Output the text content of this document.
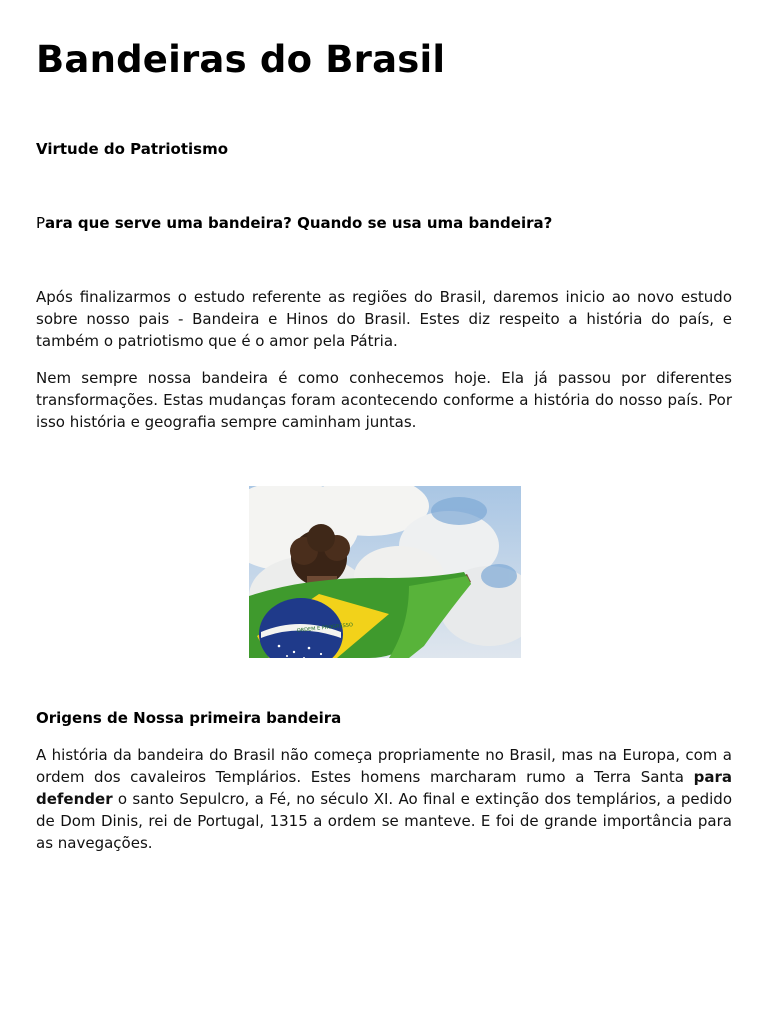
Bandeiras do Brasil

Virtude do Patriotismo

Para que serve uma bandeira? Quando se usa uma bandeira?

Após finalizarmos o estudo referente as regiões do Brasil, daremos inicio ao novo estudo sobre nosso pais - Bandeira e Hinos do Brasil. Estes diz respeito a história do país, e também o patriotismo que é o amor pela Pátria.

Nem sempre nossa bandeira é como conhecemos hoje. Ela já passou por diferentes transformações. Estas mudanças foram acontecendo conforme a história do nosso país. Por isso história e geografia sempre caminham juntas.

ORDEM E PROGRESSO

Origens de Nossa primeira bandeira

A história da bandeira do Brasil não começa propriamente no Brasil, mas na Europa, com a ordem dos cavaleiros Templários. Estes homens marcharam rumo a Terra Santa para defender o santo Sepulcro, a Fé, no século XI. Ao final e extinção dos templários, a pedido de Dom Dinis, rei de Portugal, 1315 a ordem se manteve. E foi de grande importância para as navegações.
